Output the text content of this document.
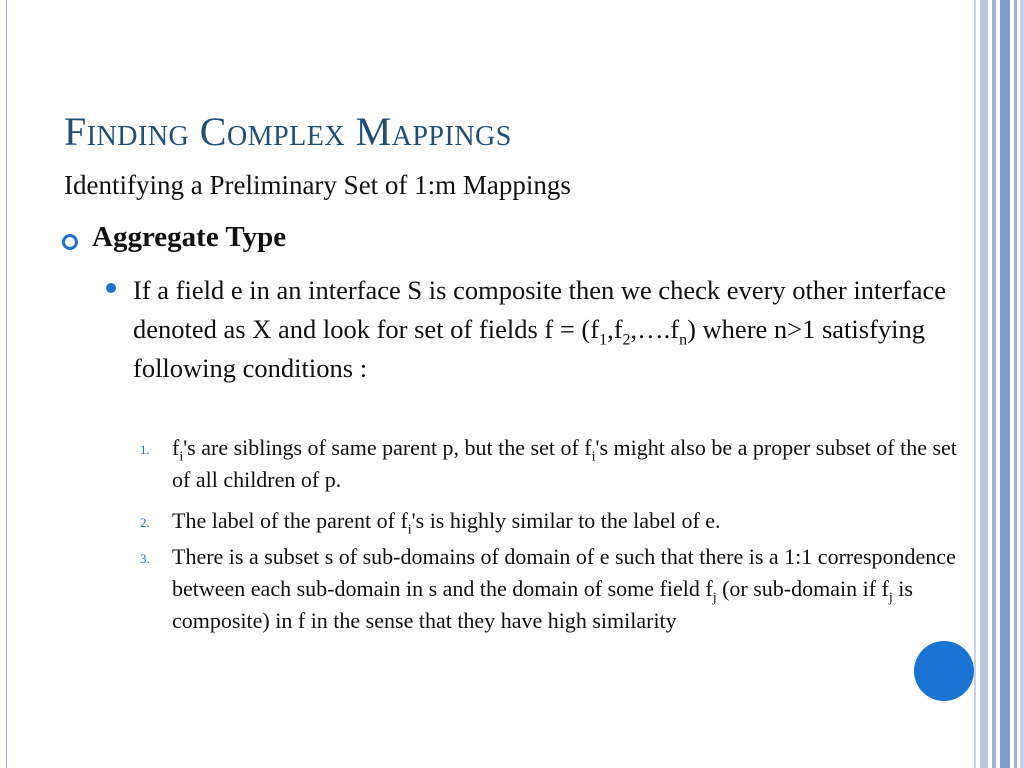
Finding Complex Mappings
Identifying a Preliminary Set of 1:m Mappings
Aggregate Type
If a field e in an interface S is composite then we check every other interface denoted as X and look for set of fields $f = (f_1,f_2,\dots.f_n)$ where n>1 satisfying following conditions :
1. $f_i's$ are siblings of same parent p, but the set of $f_i's$ might also be a proper subset of the set of all children of p.
2. The label of the parent of $f_i's$ is highly similar to the label of e.
3. There is a subset s of sub-domains of domain of e such that there is a 1:1 correspondence between each sub-domain in s and the domain of some field $f_j$ (or sub-domain if $f_j$ is composite) in f in the sense that they have high similarity
